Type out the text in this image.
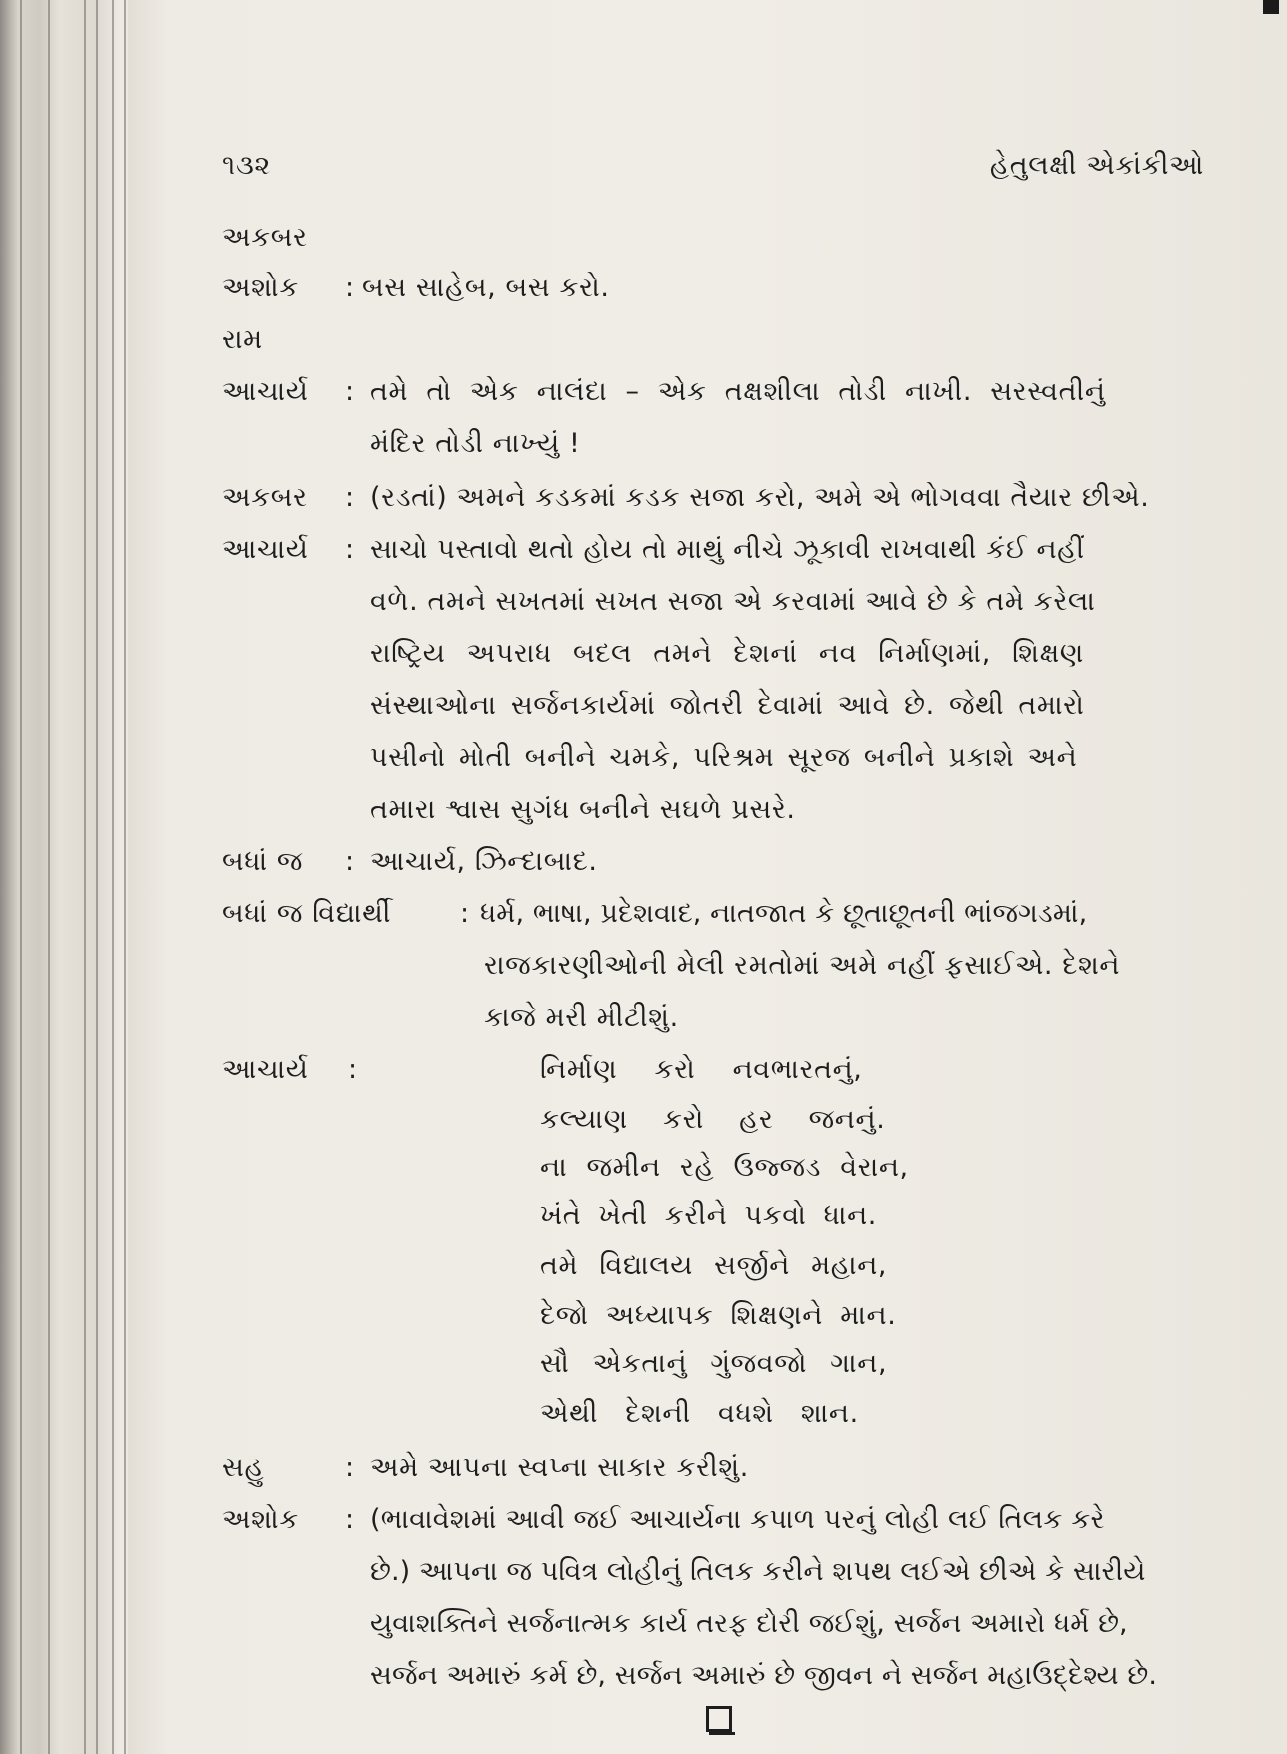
૧૩૨	હેતુલક્ષી એકાંકીઓ
અકબર
અશોક : બસ સાહેબ, બસ કરો.
રામ
આચાર્ય : તમે તો એક નાલંદા – એક તક્ષશીલા તોડી નાખી. સરસ્વતીનું
મંદિર તોડી નાખ્યું !
અકબર : (રડતાં) અમને કડકમાં કડક સજા કરો, અમે એ ભોગવવા તૈયાર છીએ.
આચાર્ય : સાચો પસ્તાવો થતો હોય તો માથું નીચે ઝૂકાવી રાખવાથી કંઈ નહીં
વળે. તમને સખતમાં સખત સજા એ કરવામાં આવે છે કે તમે કરેલા
રાષ્ટ્રિય અપરાધ બદલ તમને દેશનાં નવ નિર્માણમાં, શિક્ષણ
સંસ્થાઓના સર્જનકાર્યમાં જોતરી દેવામાં આવે છે. જેથી તમારો
પસીનો મોતી બનીને ચમકે, પરિશ્રમ સૂરજ બનીને પ્રકાશે અને
તમારા શ્વાસ સુગંધ બનીને સઘળે પ્રસરે.
બધાં જ : આચાર્ય, ઝિન્દાબાદ.
બધાં જ વિદ્યાર્થી	: ધર્મ, ભાષા, પ્રદેશવાદ, નાતજાત કે છૂતાછૂતની ભાંજગડમાં,
રાજકારણીઓની મેલી રમતોમાં અમે નહીં ફસાઈએ. દેશને
કાજે મરી મીટીશું.
આચાર્ય :	નિર્માણ કરો નવભારતનું,
કલ્યાણ કરો હર જનનું.
ના જમીન રહે ઉજ્જડ વેરાન,
ખંતે ખેતી કરીને પકવો ધાન.
તમે વિદ્યાલય સર્જીને મહાન,
દેજો અધ્યાપક શિક્ષણને માન.
સૌ એકતાનું ગુંજવજો ગાન,
એથી દેશની વધશે શાન.
સહુ	: અમે આપના સ્વપ્ના સાકાર કરીશું.
અશોક : (ભાવાવેશમાં આવી જઈ આચાર્યના કપાળ પરનું લોહી લઈ તિલક કરે
છે.) આપના જ પવિત્ર લોહીનું તિલક કરીને શપથ લઈએ છીએ કે સારીયે
યુવાશક્તિને સર્જનાત્મક કાર્ય તરફ દોરી જઈશું, સર્જન અમારો ધર્મ છે,
સર્જન અમારું કર્મ છે, સર્જન અમારું છે જીવન ને સર્જન મહાઉદ્દેશ્ય છે.
